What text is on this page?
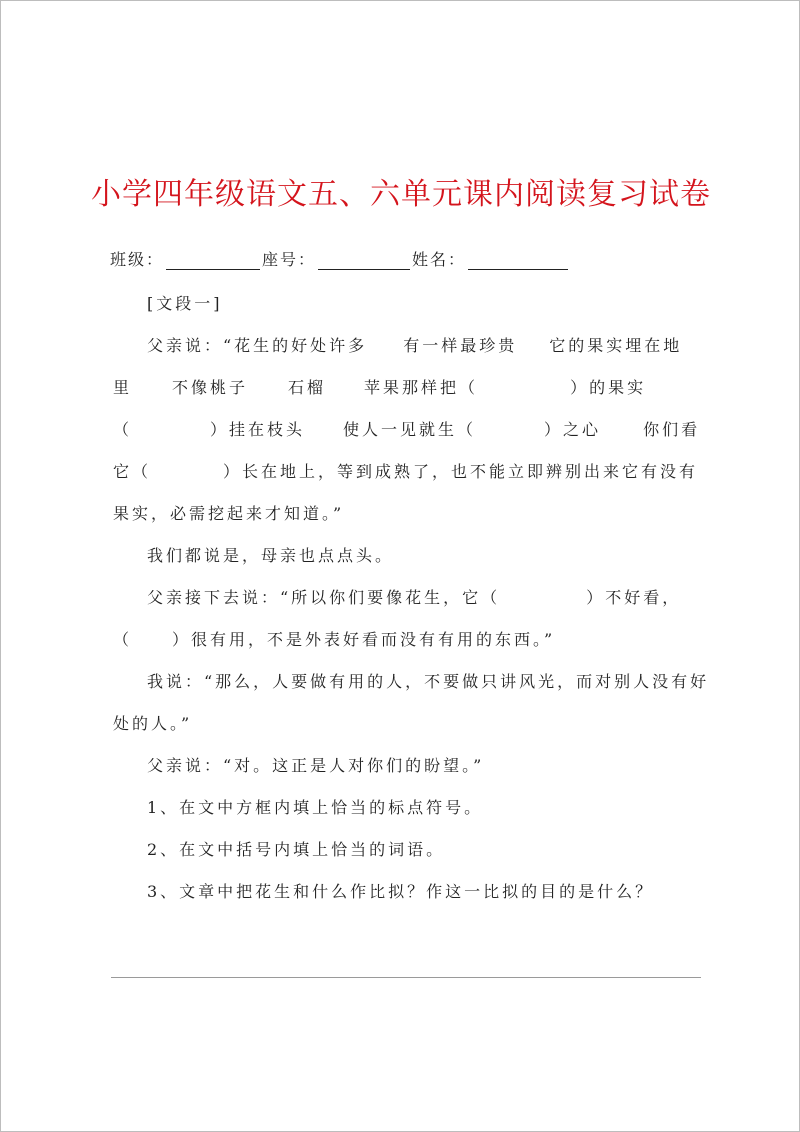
小学四年级语文五、六单元课内阅读复习试卷
班级：	座号：	姓名：
[文段一]
父亲说：“花生的好处许多 有一样最珍贵 它的果实埋在地
里	不像桃子	石榴 苹果那样把（	）的果实
（	）挂在枝头 使人一见就生（	）之心	你们看
它（	）长在地上，等到成熟了，也不能立即辨别出来它有没有
果实，必需挖起来才知道。”
我们都说是，母亲也点点头。
父亲接下去说：“所以你们要像花生，它（	）不好看，
（	）很有用，不是外表好看而没有有用的东西。”
我说：“那么，人要做有用的人，不要做只讲风光，而对别人没有好
处的人。”
父亲说：“对。这正是人对你们的盼望。”
1、在文中方框内填上恰当的标点符号。
2、在文中括号内填上恰当的词语。
3、文章中把花生和什么作比拟？作这一比拟的目的是什么？
